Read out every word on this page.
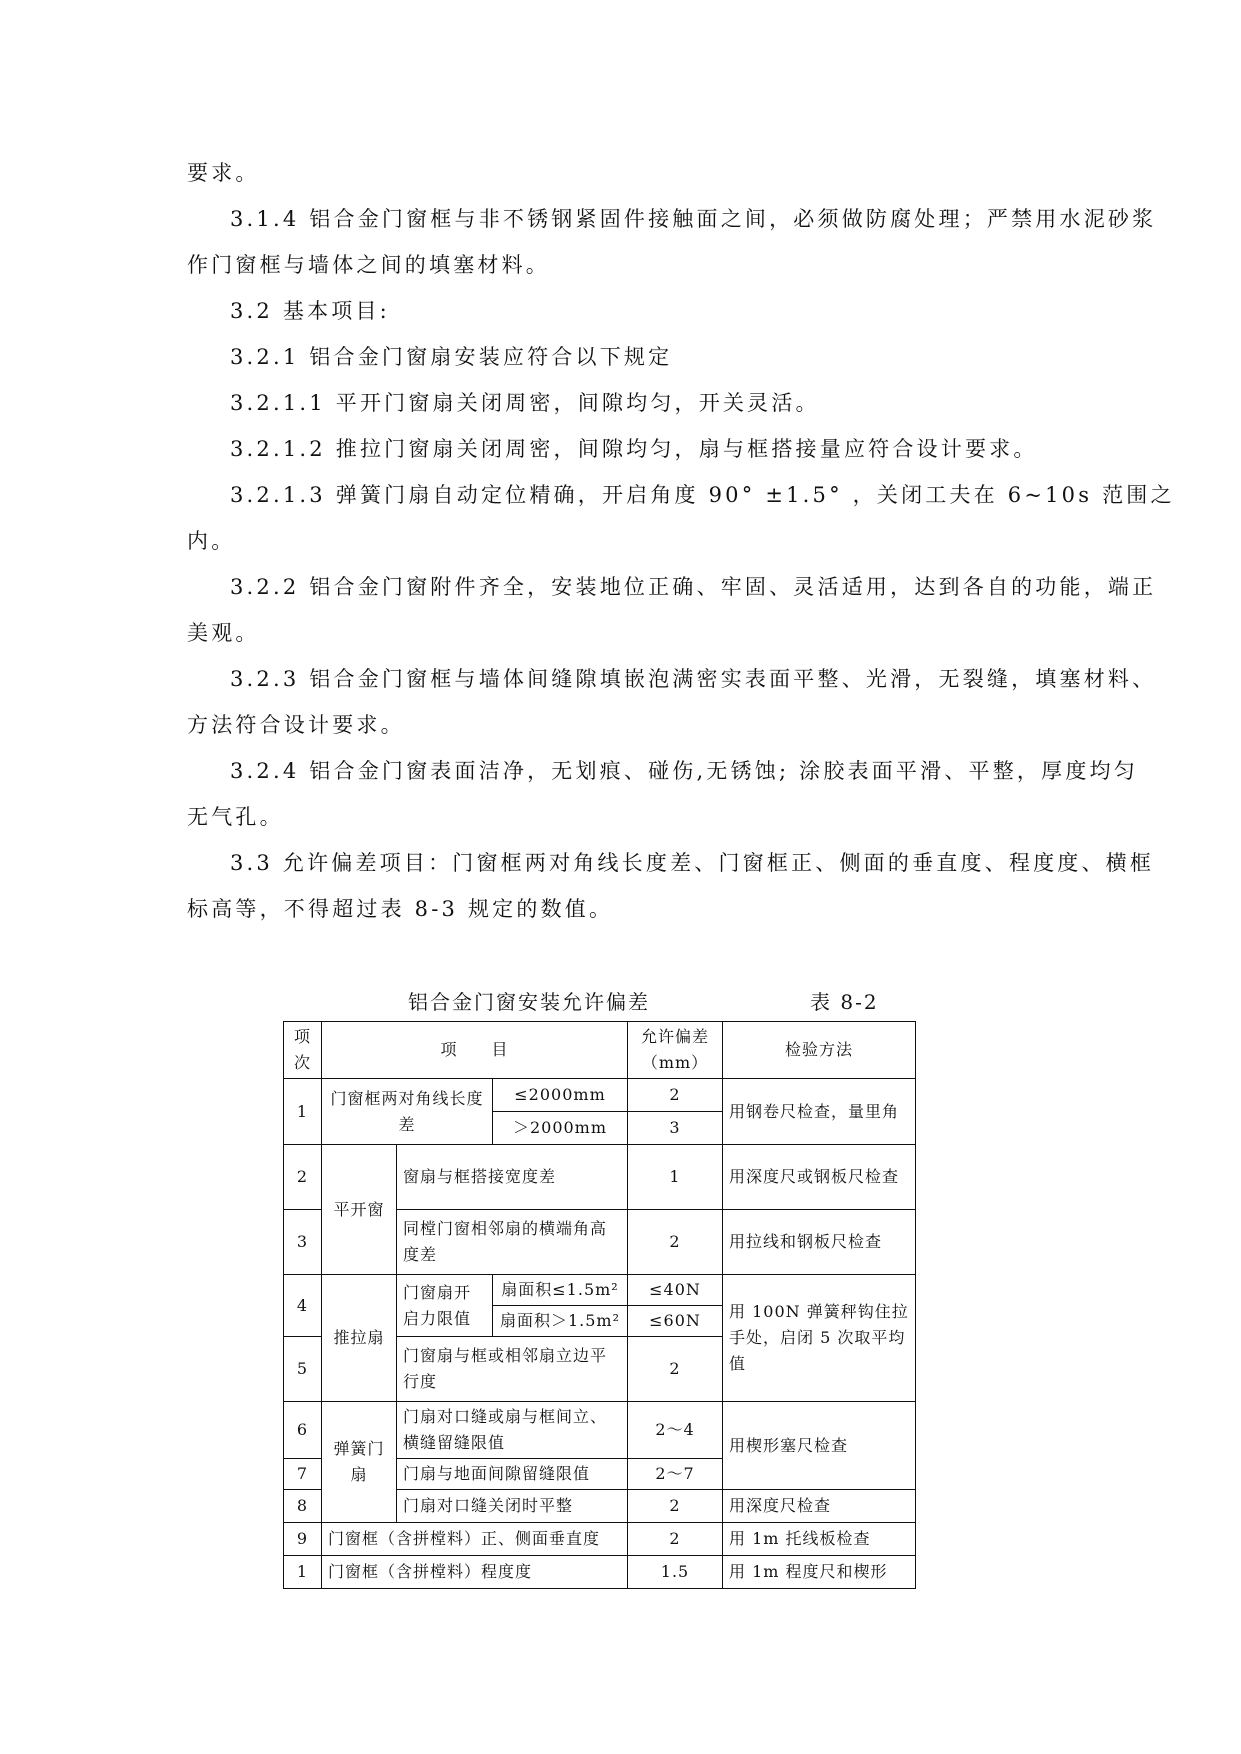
要求。
3.1.4 铝合金门窗框与非不锈钢紧固件接触面之间，必须做防腐处理；严禁用水泥砂浆
作门窗框与墙体之间的填塞材料。
3.2 基本项目:
3.2.1 铝合金门窗扇安装应符合以下规定
3.2.1.1 平开门窗扇关闭周密，间隙均匀，开关灵活。
3.2.1.2 推拉门窗扇关闭周密，间隙均匀，扇与框搭接量应符合设计要求。
3.2.1.3 弹簧门扇自动定位精确，开启角度 90° ±1.5° ，关闭工夫在 6~10s 范围之
内。
3.2.2 铝合金门窗附件齐全，安装地位正确、牢固、灵活适用，达到各自的功能，端正
美观。
3.2.3 铝合金门窗框与墙体间缝隙填嵌泡满密实表面平整、光滑，无裂缝，填塞材料、
方法符合设计要求。
3.2.4 铝合金门窗表面洁净，无划痕、碰伤,无锈蚀; 涂胶表面平滑、平整，厚度均匀
无气孔。
3.3 允许偏差项目：门窗框两对角线长度差、门窗框正、侧面的垂直度、程度度、横框
标高等，不得超过表 8-3 规定的数值。
铝合金门窗安装允许偏差	表 8-2
项次	项　　目			允许偏差（mm）	检验方法
1	门窗框两对角线长度差		≤2000mm	2	用钢卷尺检查，量里角
			＞2000mm	3	
2	平开窗	窗扇与框搭接宽度差		1	用深度尺或钢板尺检查
3		同樘门窗相邻扇的横端角高度差		2	用拉线和钢板尺检查
4	推拉扇	门窗扇开启力限值	扇面积≤1.5m²	≤40N	用 100N 弹簧秤钩住拉手处，启闭 5 次取平均值
			扇面积＞1.5m²	≤60N	
5		门窗扇与框或相邻扇立边平行度		2	
6	弹簧门扇	门扇对口缝或扇与框间立、横缝留缝限值		2～4	用楔形塞尺检查
7		门扇与地面间隙留缝限值		2～7	
8		门扇对口缝关闭时平整		2	用深度尺检查
9	门窗框（含拼樘料）正、侧面垂直度			2	用 1m 托线板检查
1	门窗框（含拼樘料）程度度			1.5	用 1m 程度尺和楔形
